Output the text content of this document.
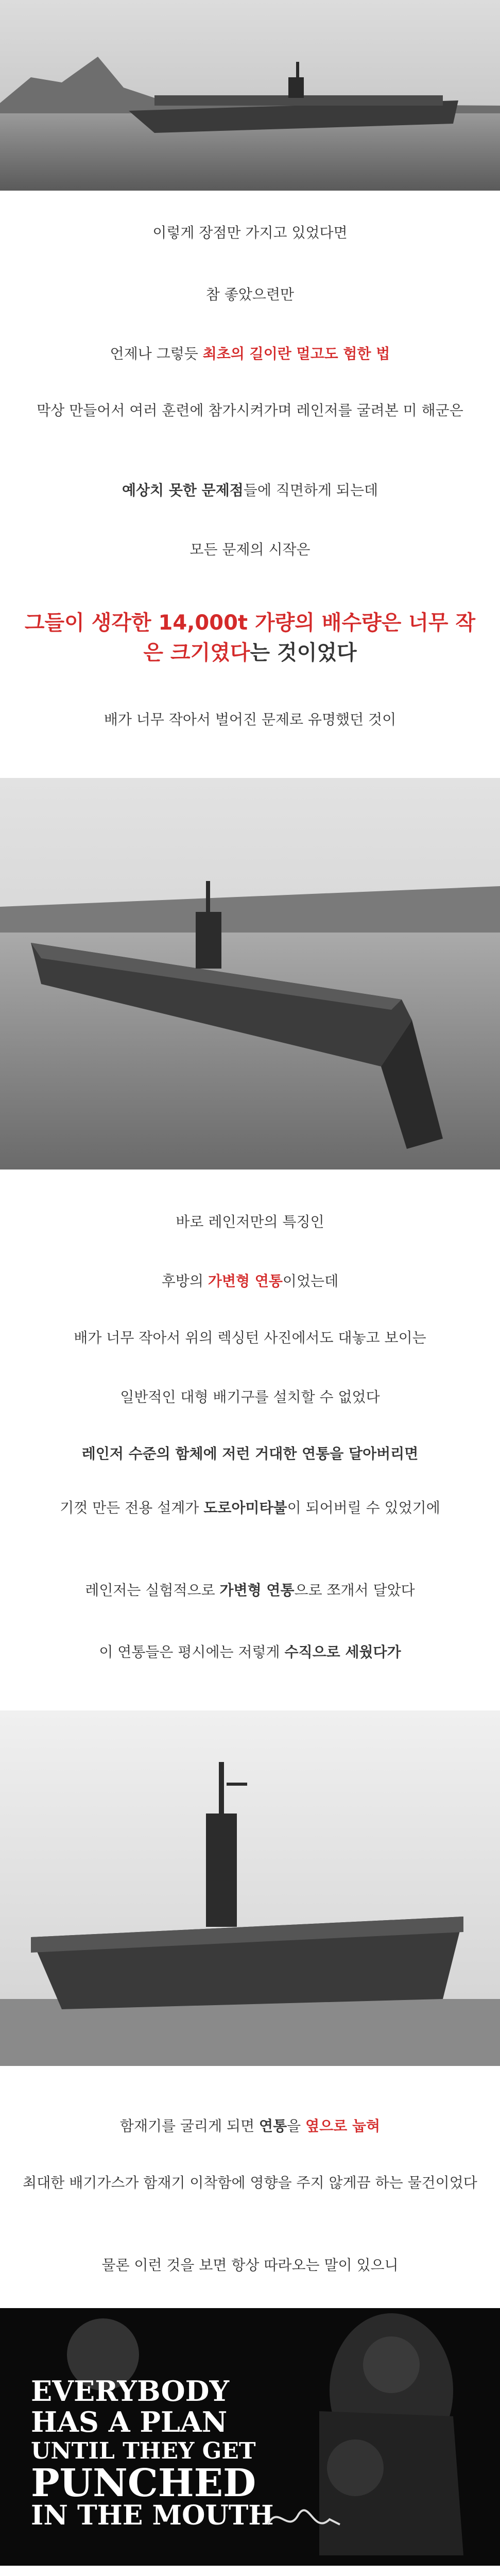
이렇게 장점만 가지고 있었다면
참 좋았으련만
언제나 그렇듯 최초의 길이란 멀고도 험한 법
막상 만들어서 여러 훈련에 참가시켜가며 레인저를 굴려본 미 해군은
예상치 못한 문제점들에 직면하게 되는데
모든 문제의 시작은
그들이 생각한 14,000t 가량의 배수량은 너무 작은 크기였다는 것이었다
배가 너무 작아서 벌어진 문제로 유명했던 것이
바로 레인저만의 특징인
후방의 가변형 연통이었는데
배가 너무 작아서 위의 렉싱턴 사진에서도 대놓고 보이는
일반적인 대형 배기구를 설치할 수 없었다
레인저 수준의 함체에 저런 거대한 연통을 달아버리면
기껏 만든 전용 설계가 도로아미타불이 되어버릴 수 있었기에
레인저는 실험적으로 가변형 연통으로 쪼개서 달았다
이 연통들은 평시에는 저렇게 수직으로 세웠다가
함재기를 굴리게 되면 연통을 옆으로 눕혀
최대한 배기가스가 함재기 이착함에 영향을 주지 않게끔 하는 물건이었다
물론 이런 것을 보면 항상 따라오는 말이 있으니
EVERYBODY
HAS A PLAN
UNTIL THEY GET
PUNCHED
IN THE MOUTH
